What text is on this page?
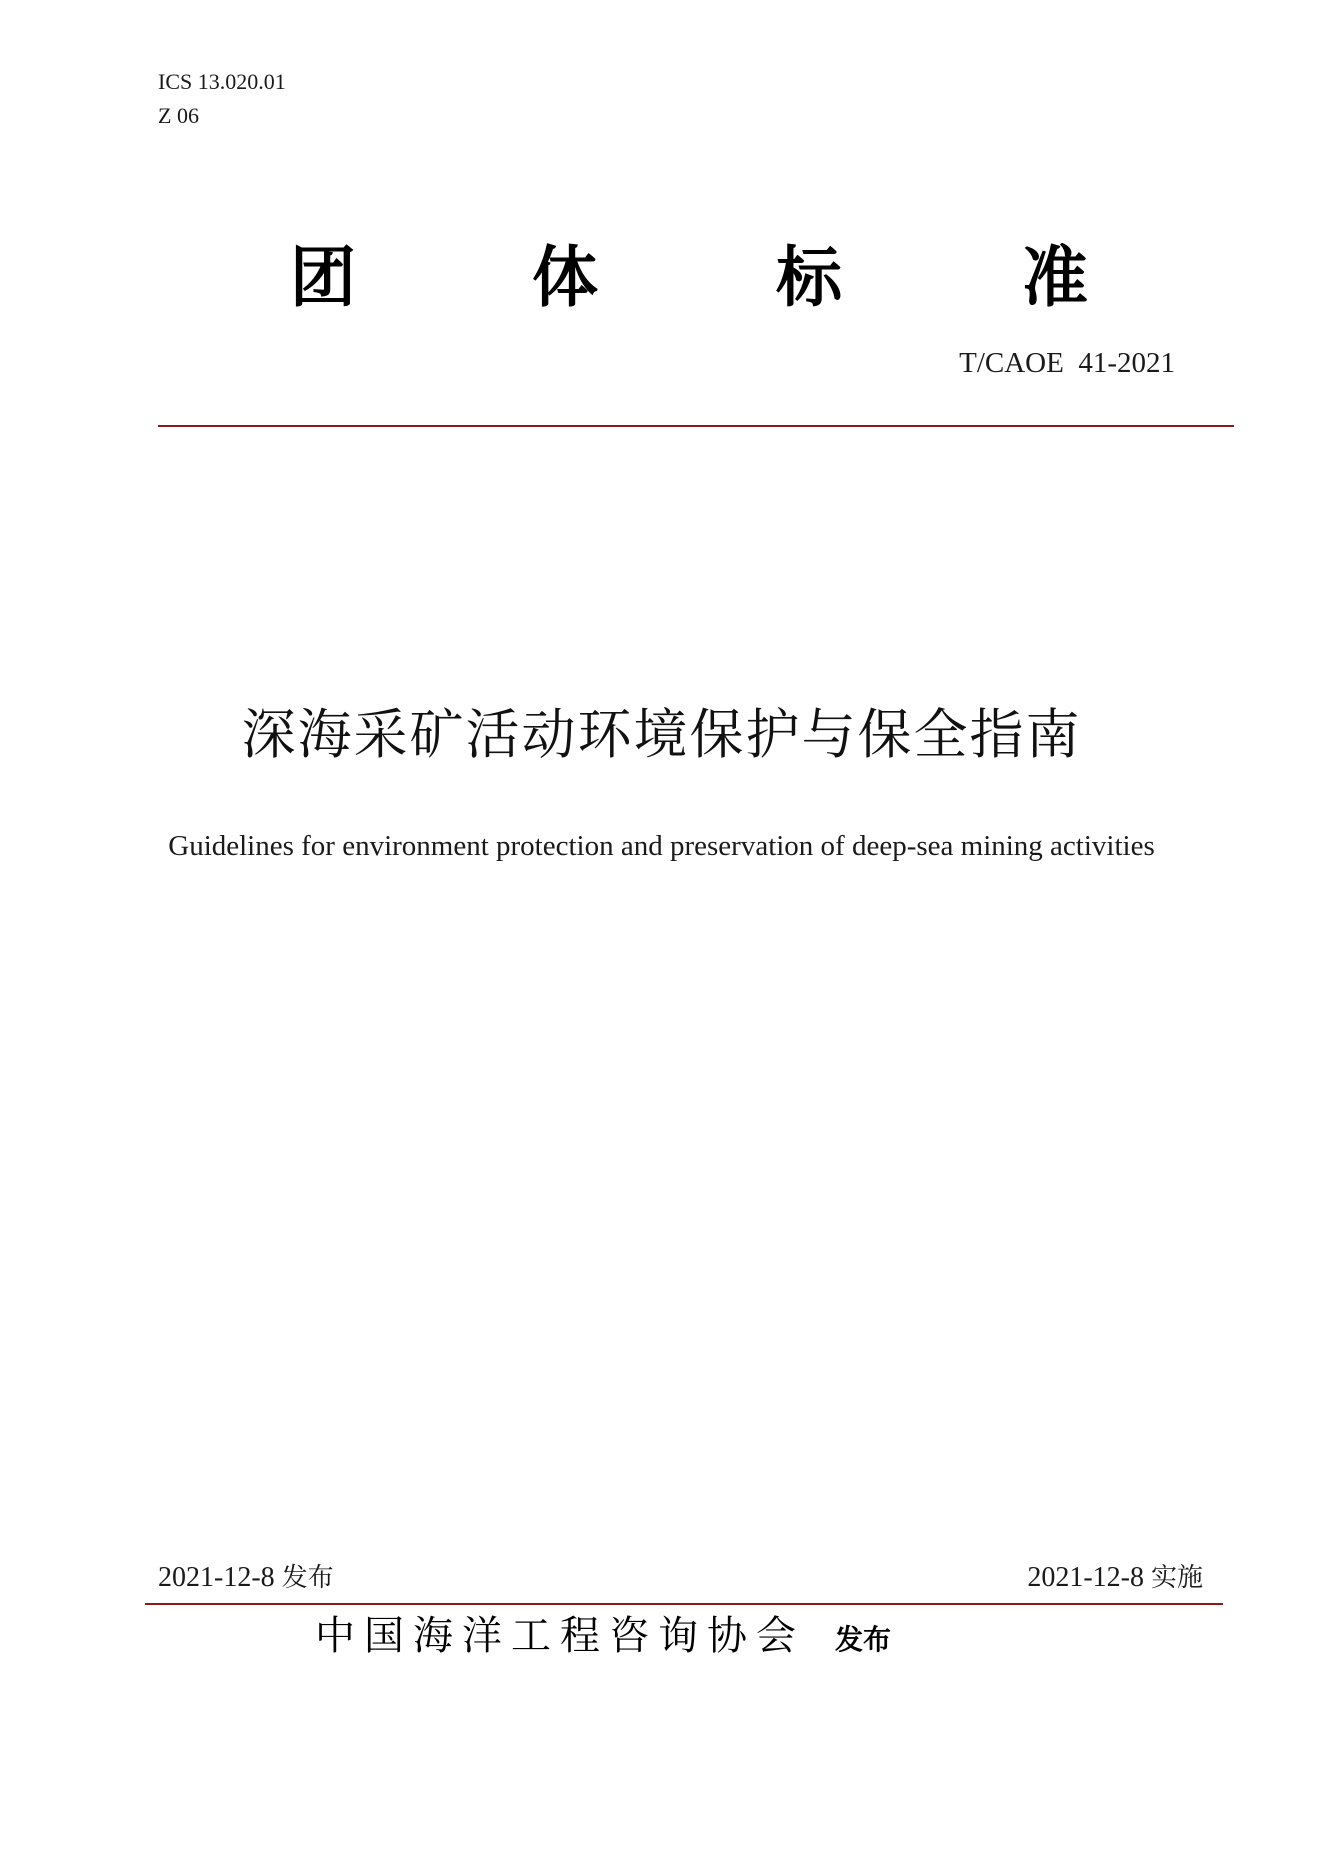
ICS 13.020.01
Z 06
团	体	标	准
T/CAOE  41-2021
深海采矿活动环境保护与保全指南
Guidelines for environment protection and preservation of deep-sea mining activities
2021-12-8 发布	2021-12-8 实施
中国海洋工程咨询协会 发布
